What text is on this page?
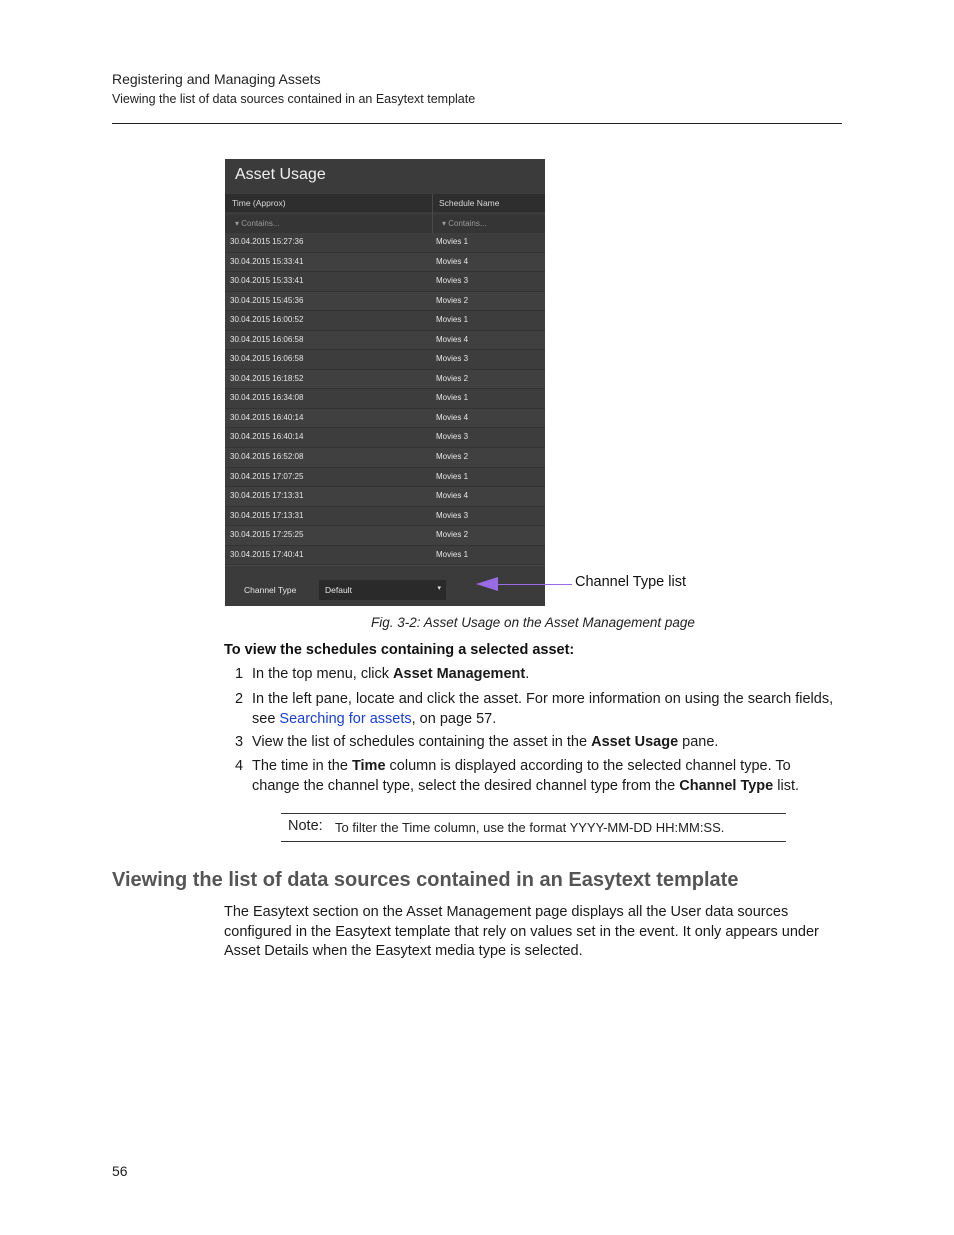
Registering and Managing Assets
Viewing the list of data sources contained in an Easytext template
Asset Usage
Time (Approx)	Schedule Name
▾ Contains...	▾ Contains...
30.04.2015 15:27:36	Movies 1
30.04.2015 15:33:41	Movies 4
30.04.2015 15:33:41	Movies 3
30.04.2015 15:45:36	Movies 2
30.04.2015 16:00:52	Movies 1
30.04.2015 16:06:58	Movies 4
30.04.2015 16:06:58	Movies 3
30.04.2015 16:18:52	Movies 2
30.04.2015 16:34:08	Movies 1
30.04.2015 16:40:14	Movies 4
30.04.2015 16:40:14	Movies 3
30.04.2015 16:52:08	Movies 2
30.04.2015 17:07:25	Movies 1
30.04.2015 17:13:31	Movies 4
30.04.2015 17:13:31	Movies 3
30.04.2015 17:25:25	Movies 2
30.04.2015 17:40:41	Movies 1
Channel Type	Default	▾	Channel Type list
Fig. 3-2: Asset Usage on the Asset Management page
To view the schedules containing a selected asset:
1 In the top menu, click Asset Management.
2 In the left pane, locate and click the asset. For more information on using the search fields, see Searching for assets, on page 57.
3 View the list of schedules containing the asset in the Asset Usage pane.
4 The time in the Time column is displayed according to the selected channel type. To change the channel type, select the desired channel type from the Channel Type list.
Note: To filter the Time column, use the format YYYY-MM-DD HH:MM:SS.
Viewing the list of data sources contained in an Easytext template
The Easytext section on the Asset Management page displays all the User data sources configured in the Easytext template that rely on values set in the event. It only appears under Asset Details when the Easytext media type is selected.
56
